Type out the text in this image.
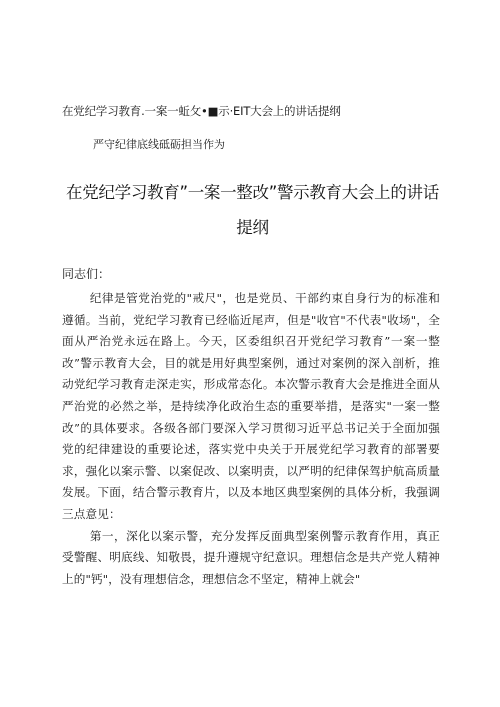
在党纪学习教育.一案一蚯攵•■示·EIT大会上的讲话提纲
严守纪律底线砥砺担当作为
在党纪学习教育”一案一整改”警示教育大会上的讲话提纲
同志们：

纪律是管党治党的"戒尺"，也是党员、干部约束自身行为的标准和遵循。当前，党纪学习教育已经临近尾声，但是"收官"不代表"收场"，全面从严治党永远在路上。今天，区委组织召开党纪学习教育”一案一整改”警示教育大会，目的就是用好典型案例，通过对案例的深入剖析，推动党纪学习教育走深走实，形成常态化。本次警示教育大会是推进全面从严治党的必然之举，是持续净化政治生态的重要举措，是落实"一案一整改”的具体要求。各级各部门要深入学习贯彻习近平总书记关于全面加强党的纪律建设的重要论述，落实党中央关于开展党纪学习教育的部署要求，强化以案示警、以案促改、以案明责，以严明的纪律保驾护航高质量发展。下面，结合警示教育片，以及本地区典型案例的具体分析，我强调三点意见：

第一，深化以案示警，充分发挥反面典型案例警示教育作用，真正受警醒、明底线、知敬畏，提升遵规守纪意识。理想信念是共产党人精神上的"钙"，没有理想信念，理想信念不坚定，精神上就会"
